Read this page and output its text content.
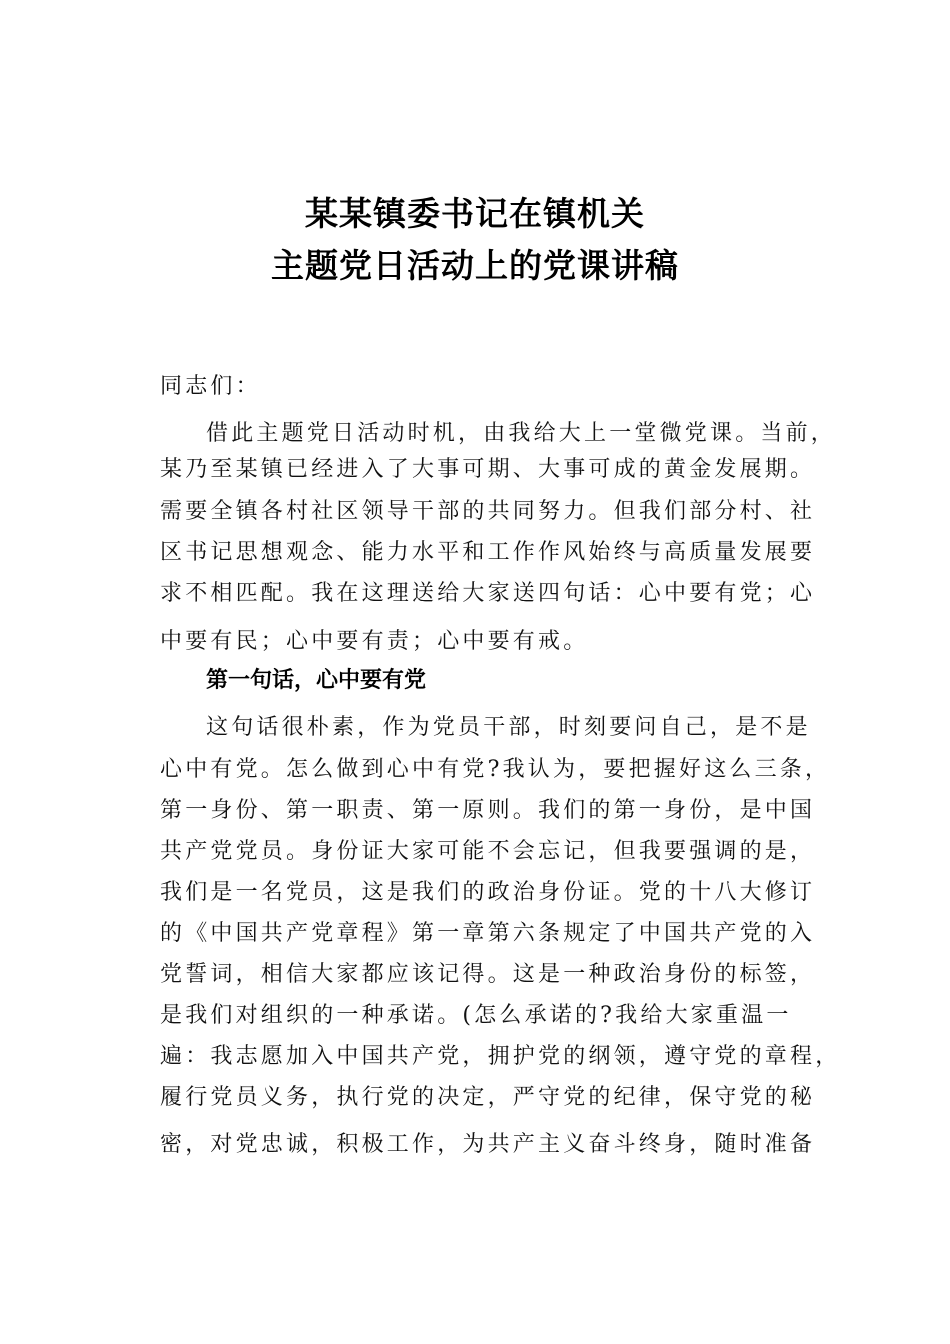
某某镇委书记在镇机关
主题党日活动上的党课讲稿
同志们：
借此主题党日活动时机，由我给大上一堂微党课。当前，
某乃至某镇已经进入了大事可期、大事可成的黄金发展期。
需要全镇各村社区领导干部的共同努力。但我们部分村、社
区书记思想观念、能力水平和工作作风始终与高质量发展要
求不相匹配。我在这理送给大家送四句话：心中要有党；心
中要有民；心中要有责；心中要有戒。
第一句话，心中要有党
这句话很朴素，作为党员干部，时刻要问自己，是不是
心中有党。怎么做到心中有党?我认为，要把握好这么三条，
第一身份、第一职责、第一原则。我们的第一身份，是中国
共产党党员。身份证大家可能不会忘记，但我要强调的是，
我们是一名党员，这是我们的政治身份证。党的十八大修订
的《中国共产党章程》第一章第六条规定了中国共产党的入
党誓词，相信大家都应该记得。这是一种政治身份的标签，
是我们对组织的一种承诺。(怎么承诺的?我给大家重温一
遍：我志愿加入中国共产党，拥护党的纲领，遵守党的章程，
履行党员义务，执行党的决定，严守党的纪律，保守党的秘
密，对党忠诚，积极工作，为共产主义奋斗终身，随时准备
